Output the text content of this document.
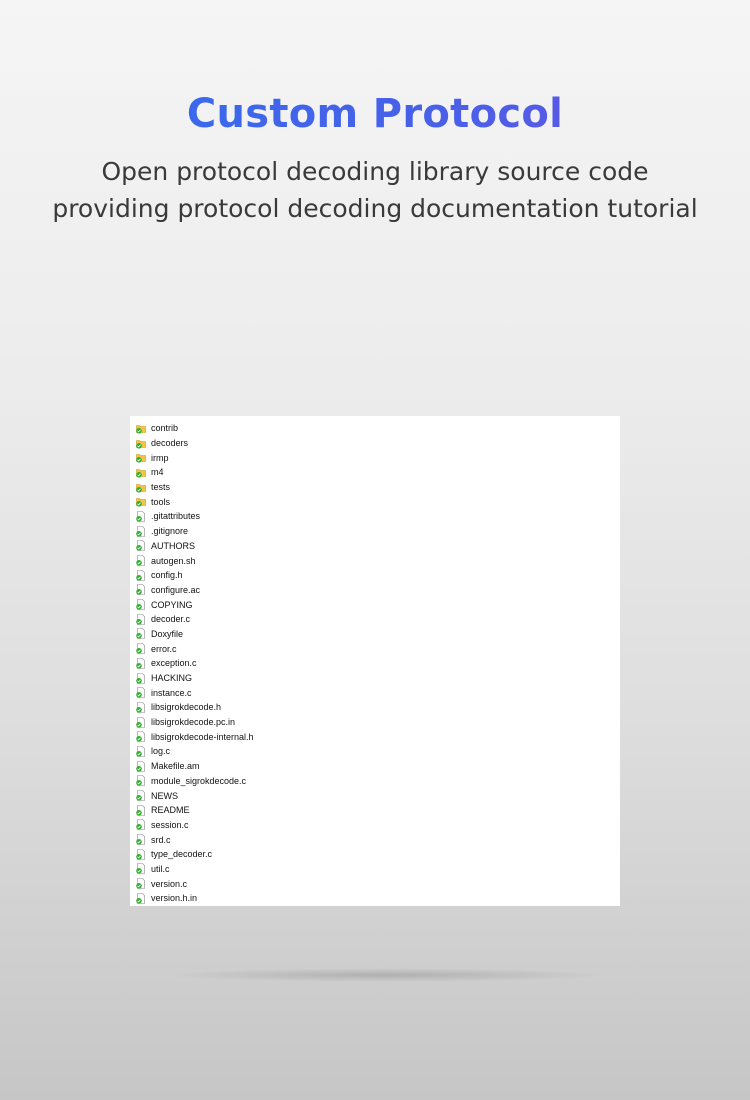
Custom Protocol
Open protocol decoding library source code
providing protocol decoding documentation tutorial
contrib
decoders
irmp
m4
tests
tools
.gitattributes
.gitignore
AUTHORS
autogen.sh
config.h
configure.ac
COPYING
decoder.c
Doxyfile
error.c
exception.c
HACKING
instance.c
libsigrokdecode.h
libsigrokdecode.pc.in
libsigrokdecode-internal.h
log.c
Makefile.am
module_sigrokdecode.c
NEWS
README
session.c
srd.c
type_decoder.c
util.c
version.c
version.h.in
